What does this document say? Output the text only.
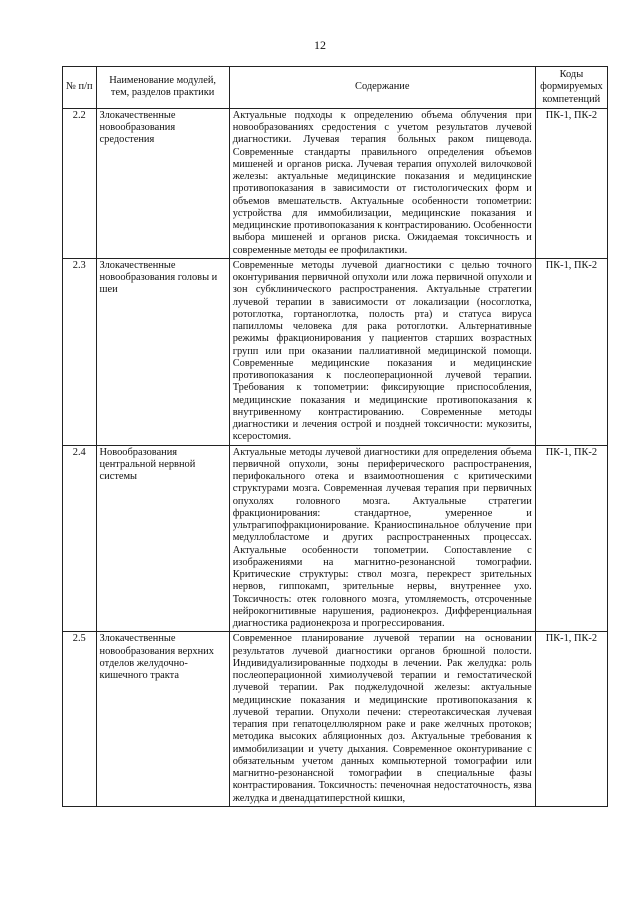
12
№ п/п	Наименование модулей, тем, разделов практики	Содержание	Коды формируемых компетенций
2.2	Злокачественные новообразования средостения	Актуальные подходы к определению объема облучения при новообразованиях средостения с учетом результатов лучевой диагностики. Лучевая терапия больных раком пищевода. Современные стандарты правильного определения объемов мишеней и органов риска. Лучевая терапия опухолей вилочковой железы: актуальные медицинские показания и медицинские противопоказания в зависимости от гистологических форм и объемов вмешательств. Актуальные особенности топометрии: устройства для иммобилизации, медицинские показания и медицинские противопоказания к контрастированию. Особенности выбора мишеней и органов риска. Ожидаемая токсичность и современные методы ее профилактики.	ПК-1, ПК-2
2.3	Злокачественные новообразования головы и шеи	Современные методы лучевой диагностики с целью точного оконтуривания первичной опухоли или ложа первичной опухоли и зон субклинического распространения. Актуальные стратегии лучевой терапии в зависимости от локализации (носоглотка, ротоглотка, гортаноглотка, полость рта) и статуса вируса папилломы человека для рака ротоглотки. Альтернативные режимы фракционирования у пациентов старших возрастных групп или при оказании паллиативной медицинской помощи. Современные медицинские показания и медицинские противопоказания к послеоперационной лучевой терапии. Требования к топометрии: фиксирующие приспособления, медицинские показания и медицинские противопоказания к внутривенному контрастированию. Современные методы диагностики и лечения острой и поздней токсичности: мукозиты, ксеростомия.	ПК-1, ПК-2
2.4	Новообразования центральной нервной системы	Актуальные методы лучевой диагностики для определения объема первичной опухоли, зоны периферического распространения, перифокального отека и взаимоотношения с критическими структурами мозга. Современная лучевая терапия при первичных опухолях головного мозга. Актуальные стратегии фракционирования: стандартное, умеренное и ультрагипофракционирование. Краниоспинальное облучение при медуллобластоме и других распространенных процессах. Актуальные особенности топометрии. Сопоставление с изображениями на магнитно-резонансной томографии. Критические структуры: ствол мозга, перекрест зрительных нервов, гиппокамп, зрительные нервы, внутреннее ухо. Токсичность: отек головного мозга, утомляемость, отсроченные нейрокогнитивные нарушения, радионекроз. Дифференциальная диагностика радионекроза и прогрессирования.	ПК-1, ПК-2
2.5	Злокачественные новообразования верхних отделов желудочно-кишечного тракта	Современное планирование лучевой терапии на основании результатов лучевой диагностики органов брюшной полости. Индивидуализированные подходы в лечении. Рак желудка: роль послеоперационной химиолучевой терапии и гемостатической лучевой терапии. Рак поджелудочной железы: актуальные медицинские показания и медицинские противопоказания к лучевой терапии. Опухоли печени: стереотаксическая лучевая терапия при гепатоцеллюлярном раке и раке желчных протоков; методика высоких абляционных доз. Актуальные требования к иммобилизации и учету дыхания. Современное оконтуривание с обязательным учетом данных компьютерной томографии или магнитно-резонансной томографии в специальные фазы контрастирования. Токсичность: печеночная недостаточность, язва желудка и двенадцатиперстной кишки,	ПК-1, ПК-2
